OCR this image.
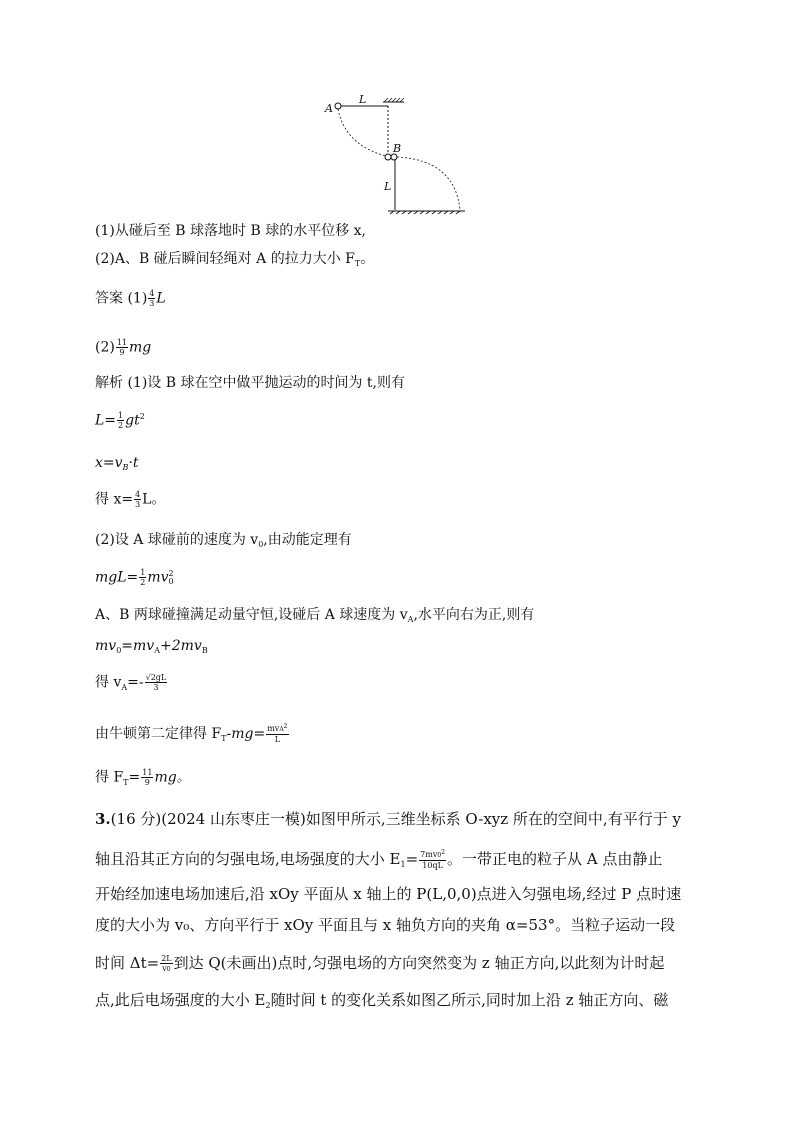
A
L
B
L
(1)从碰后至 B 球落地时 B 球的水平位移 x,
(2)A、B 碰后瞬间轻绳对 A 的拉力大小 $F_T$。
答案 $(1) \frac{4}{3}$ L
$(2) \frac{11}{9}$ mg
解析 (1)设 B 球在空中做平抛运动的时间为 t,则有
$L= \frac{1}{2} gt^2$
$x=v_B\cdot t$
得 $x= \frac{4}{3}$ L。
(2)设 A 球碰前的速度为 $v_0$,由动能定理有
$mgL= \frac{1}{2}$ mv 2
0
A、B 两球碰撞满足动量守恒,设碰后 A 球速度为 $v_A$,水平向右为正,则有
$mv_0=mv_A+2mv_B$
得 $v_A=- \frac{√2gL}{3}$
由牛顿第二定律得 $F_T-mg= \frac{mvA^2}{L}$
得 $F_T= \frac{11}{9}$ mg。
3.(16 分)(2024 山东枣庄一模)如图甲所示,三维坐标系 O-xyz 所在的空间中,有平行于 y
轴且沿其正方向的匀强电场,电场强度的大小 $E_1= \frac{7mv0^2}{10qL}$ 。一带正电的粒子从 A 点由静止
开始经加速电场加速后,沿 xOy 平面从 x 轴上的 P(L,0,0)点进入匀强电场,经过 P 点时速
度的大小为 v₀、方向平行于 xOy 平面且与 x 轴负方向的夹角 α=53°。当粒子运动一段
时间 $\Delta t= \frac{2L}{v0}$ 到达 Q(未画出)点时,匀强电场的方向突然变为 z 轴正方向,以此刻为计时起
点,此后电场强度的大小 $E_2$随时间 t 的变化关系如图乙所示,同时加上沿 z 轴正方向、磁
